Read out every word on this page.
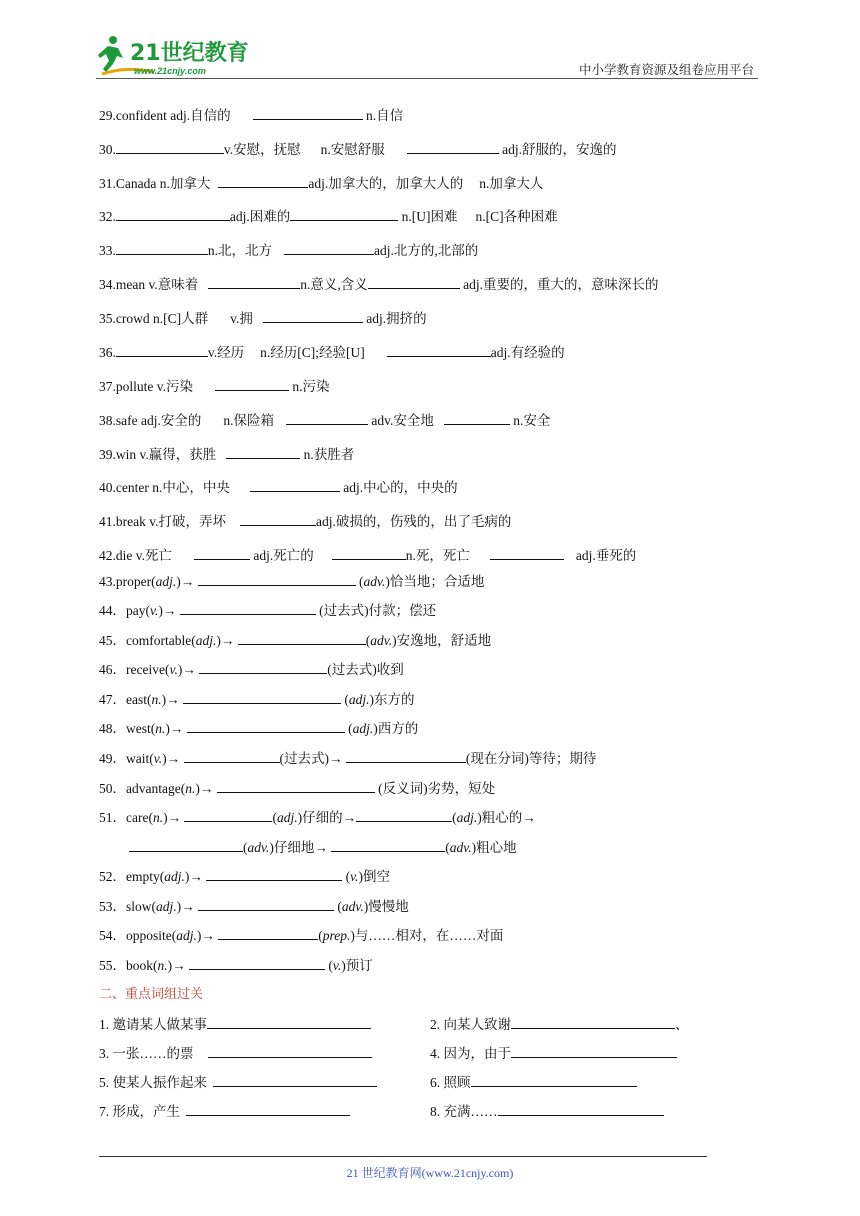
21世纪教育
www.21cnjy.com	中小学教育资源及组卷应用平台
29.confident adj.自信的	n.自信
30.	v.安慰，抚慰 n.安慰舒服	adj.舒服的，安逸的
31.Canada n.加拿大	adj.加拿大的，加拿大人的 n.加拿大人
32.	adj.困难的	n.[U]困难 n.[C]各种困难
33.	n.北，北方	adj.北方的,北部的
34.mean v.意味着	n.意义,含义	adj.重要的，重大的，意味深长的
35.crowd n.[C]人群 v.拥	adj.拥挤的
36.	v.经历 n.经历[C];经验[U]	adj.有经验的
37.pollute v.污染	n.污染
38.safe adj.安全的 n.保险箱	adv.安全地	n.安全
39.win v.赢得，获胜	n.获胜者
40.center n.中心，中央	adj.中心的，中央的
41.break v.打破，弄坏	adj.破损的，伤残的，出了毛病的
42.die v.死亡	adj.死亡的	n.死，死亡	adj.垂死的
43.proper(adj.)→	(adv.)恰当地；合适地
44．pay(v.)→	(过去式)付款；偿还
45．comfortable(adj.)→	(adv.)安逸地，舒适地
46．receive(v.)→	(过去式)收到
47．east(n.)→	(adj.)东方的
48．west(n.)→	(adj.)西方的
49．wait(v.)→	(过去式)→	(现在分词)等待；期待
50．advantage(n.)→	(反义词)劣势，短处
51．care(n.)→	(adj.)仔细的→	(adj.)粗心的→
(adv.)仔细地→	(adv.)粗心地
52．empty(adj.)→	(v.)倒空
53．slow(adj.)→	(adv.)慢慢地
54．opposite(adj.)→	(prep.)与……相对，在……对面
55．book(n.)→	(v.)预订
二、重点词组过关
1. 邀请某人做某事	2. 向某人致谢	、
3. 一张……的票	4. 因为，由于
5. 使某人振作起来	6. 照顾
7. 形成，产生	8. 充满……
21 世纪教育网(www.21cnjy.com)
